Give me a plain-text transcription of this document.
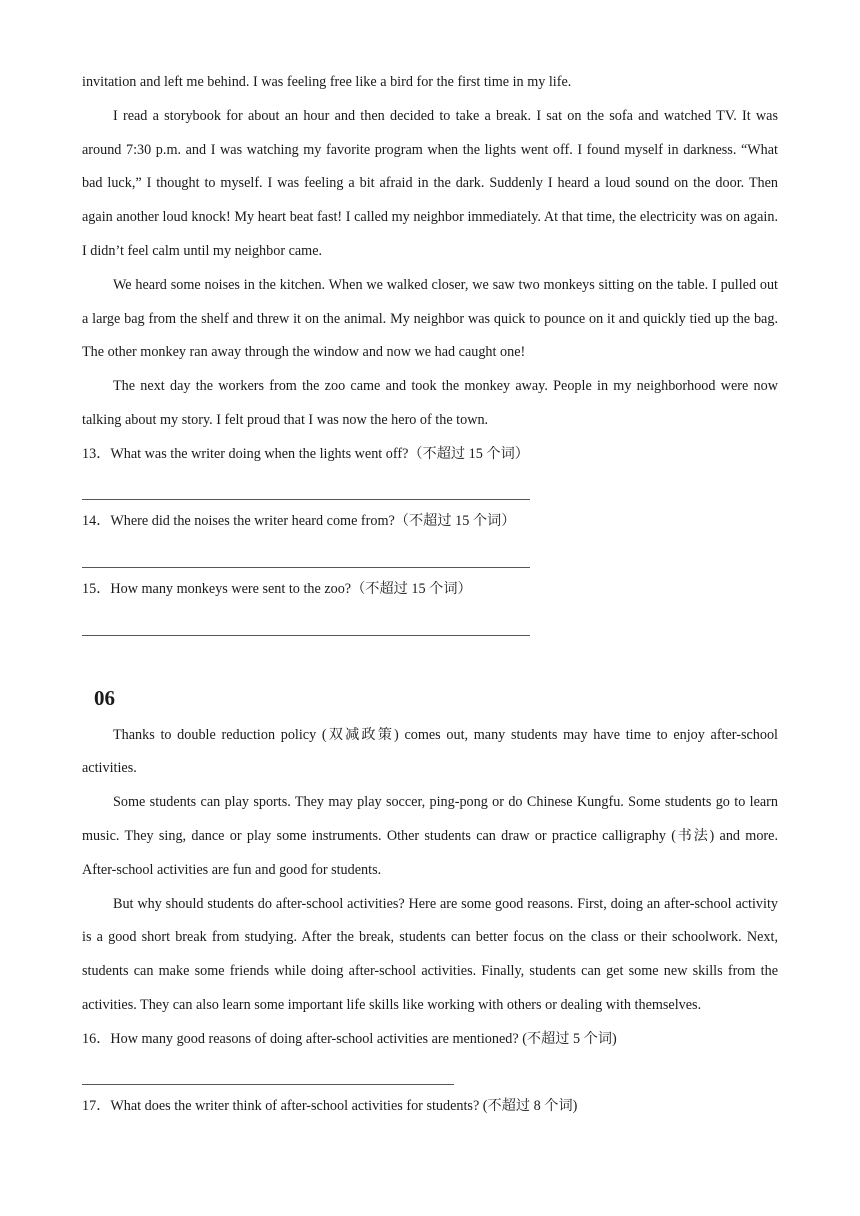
invitation and left me behind. I was feeling free like a bird for the first time in my life.

I read a storybook for about an hour and then decided to take a break. I sat on the sofa and watched TV. It was around 7:30 p.m. and I was watching my favorite program when the lights went off. I found myself in darkness. “What bad luck,” I thought to myself. I was feeling a bit afraid in the dark. Suddenly I heard a loud sound on the door. Then again another loud knock! My heart beat fast! I called my neighbor immediately. At that time, the electricity was on again. I didn’t feel calm until my neighbor came.

We heard some noises in the kitchen. When we walked closer, we saw two monkeys sitting on the table. I pulled out a large bag from the shelf and threw it on the animal. My neighbor was quick to pounce on it and quickly tied up the bag. The other monkey ran away through the window and now we had caught one!

The next day the workers from the zoo came and took the monkey away. People in my neighborhood were now talking about my story. I felt proud that I was now the hero of the town.

13．What was the writer doing when the lights went off?（不超过 15 个词）

14．Where did the noises the writer heard come from?（不超过 15 个词）

15．How many monkeys were sent to the zoo?（不超过 15 个词）

06

Thanks to double reduction policy (双减政策) comes out, many students may have time to enjoy after-school activities.

Some students can play sports. They may play soccer, ping-pong or do Chinese Kungfu. Some students go to learn music. They sing, dance or play some instruments. Other students can draw or practice calligraphy (书法) and more. After-school activities are fun and good for students.

But why should students do after-school activities? Here are some good reasons. First, doing an after-school activity is a good short break from studying. After the break, students can better focus on the class or their schoolwork. Next, students can make some friends while doing after-school activities. Finally, students can get some new skills from the activities. They can also learn some important life skills like working with others or dealing with themselves.

16．How many good reasons of doing after-school activities are mentioned? (不超过 5 个词)

17．What does the writer think of after-school activities for students? (不超过 8 个词)
